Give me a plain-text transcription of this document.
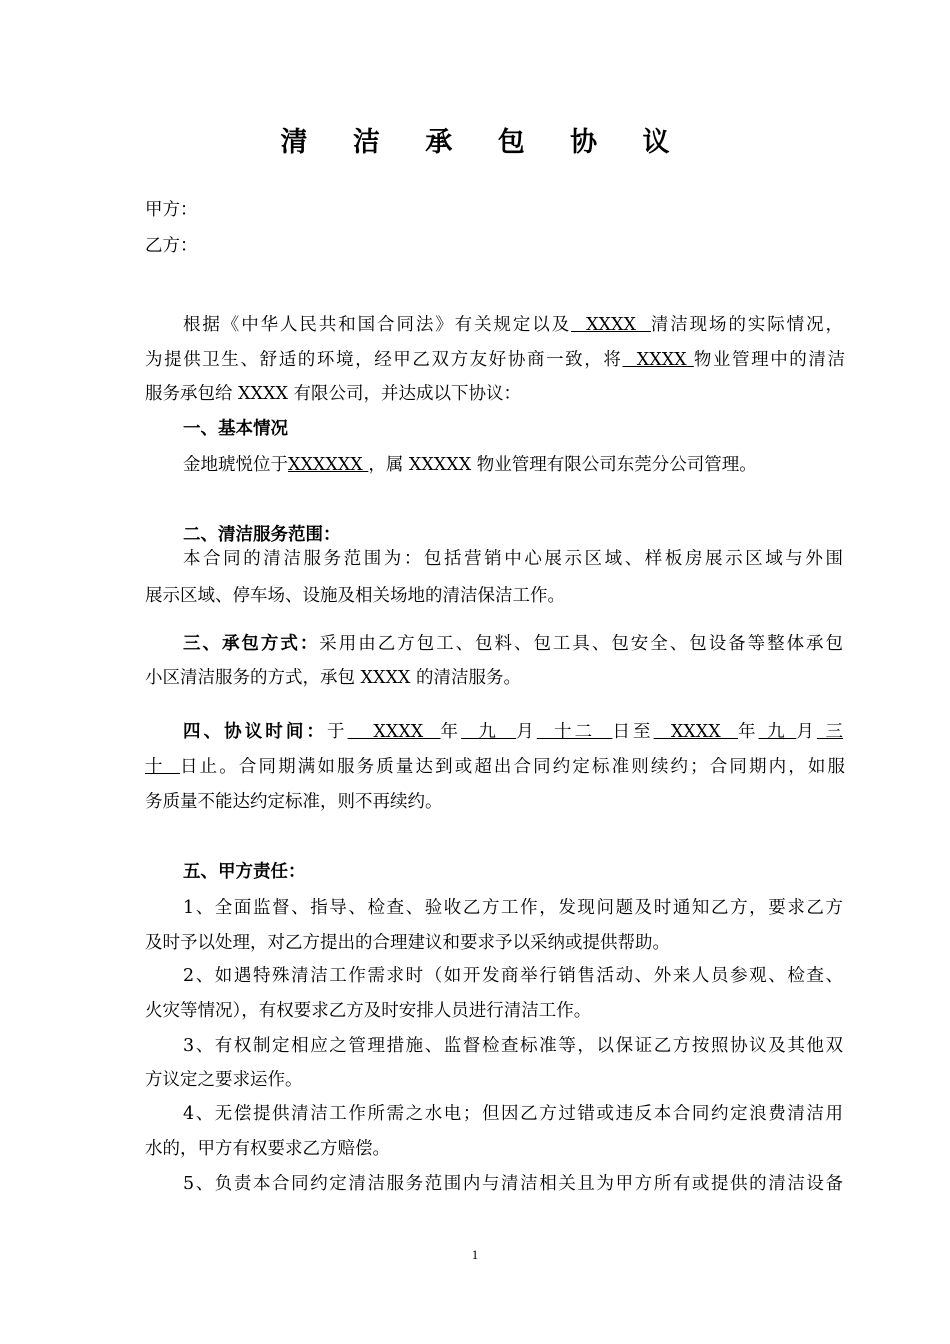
清 洁 承 包 协 议
甲方：
乙方：
根据《中华人民共和国合同法》有关规定以及  XXXX  清洁现场的实际情况，
为提供卫生、舒适的环境，经甲乙双方友好协商一致，将  XXXX 物业管理中的清洁
服务承包给 XXXX 有限公司，并达成以下协议：
一、基本情况
金地琥悦位于XXXXXX ，属 XXXXX 物业管理有限公司东莞分公司管理。
二、清洁服务范围：
本合同的清洁服务范围为：包括营销中心展示区域、样板房展示区域与外围
展示区域、停车场、设施及相关场地的清洁保洁工作。
三、承包方式：采用由乙方包工、包料、包工具、包安全、包设备等整体承包
小区清洁服务的方式，承包 XXXX 的清洁服务。
四、协议时间：于   XXXX  年  九  月  十二  日至  XXXX  年 九 月 三
十  日止。合同期满如服务质量达到或超出合同约定标准则续约；合同期内，如服
务质量不能达约定标准，则不再续约。
五、甲方责任：
1、全面监督、指导、检查、验收乙方工作，发现问题及时通知乙方，要求乙方
及时予以处理，对乙方提出的合理建议和要求予以采纳或提供帮助。
2、如遇特殊清洁工作需求时（如开发商举行销售活动、外来人员参观、检查、
火灾等情况），有权要求乙方及时安排人员进行清洁工作。
3、有权制定相应之管理措施、监督检查标准等，以保证乙方按照协议及其他双
方议定之要求运作。
4、无偿提供清洁工作所需之水电；但因乙方过错或违反本合同约定浪费清洁用
水的，甲方有权要求乙方赔偿。
5、负责本合同约定清洁服务范围内与清洁相关且为甲方所有或提供的清洁设备
1
